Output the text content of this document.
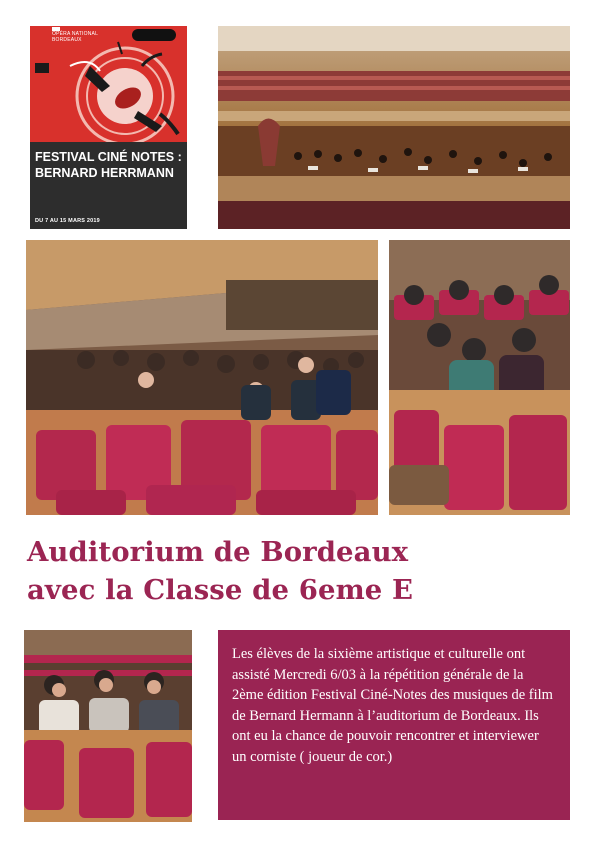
OPÉRA NATIONAL
BORDEAUX
FESTIVAL CINÉ NOTES : BERNARD HERRMANN
DU 7 AU 15 MARS 2019
Auditorium de Bordeaux
avec la Classe de 6eme E

Les élèves de la sixième artistique et culturelle ont assisté Mercredi 6/03 à la répétition générale de la 2ème édition Festival Ciné-Notes des musiques de film de Bernard Hermann à l’auditorium de Bordeaux. Ils ont eu la chance de pouvoir rencontrer et interviewer un corniste ( joueur de cor.)
